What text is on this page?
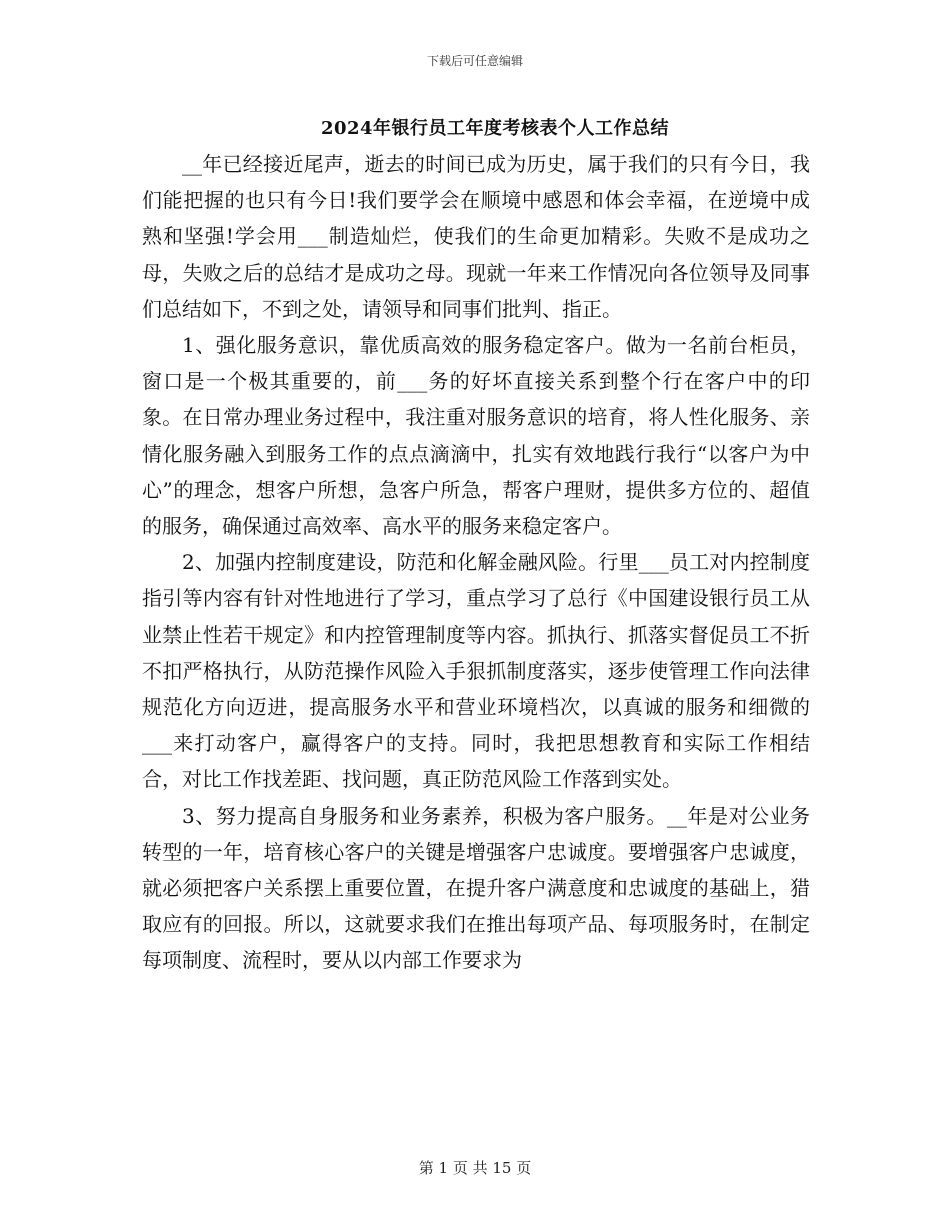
下载后可任意编辑
2024年银行员工年度考核表个人工作总结

__年已经接近尾声，逝去的时间已成为历史，属于我们的只有今日，我们能把握的也只有今日!我们要学会在顺境中感恩和体会幸福，在逆境中成熟和坚强!学会用___制造灿烂，使我们的生命更加精彩。失败不是成功之母，失败之后的总结才是成功之母。现就一年来工作情况向各位领导及同事们总结如下，不到之处，请领导和同事们批判、指正。

1、强化服务意识，靠优质高效的服务稳定客户。做为一名前台柜员，窗口是一个极其重要的，前___务的好坏直接关系到整个行在客户中的印象。在日常办理业务过程中，我注重对服务意识的培育，将人性化服务、亲情化服务融入到服务工作的点点滴滴中，扎实有效地践行我行“以客户为中心”的理念，想客户所想，急客户所急，帮客户理财，提供多方位的、超值的服务，确保通过高效率、高水平的服务来稳定客户。

2、加强内控制度建设，防范和化解金融风险。行里___员工对内控制度指引等内容有针对性地进行了学习，重点学习了总行《中国建设银行员工从业禁止性若干规定》和内控管理制度等内容。抓执行、抓落实督促员工不折不扣严格执行，从防范操作风险入手狠抓制度落实，逐步使管理工作向法律规范化方向迈进，提高服务水平和营业环境档次，以真诚的服务和细微的___来打动客户，赢得客户的支持。同时，我把思想教育和实际工作相结合，对比工作找差距、找问题，真正防范风险工作落到实处。

3、努力提高自身服务和业务素养，积极为客户服务。__年是对公业务转型的一年，培育核心客户的关键是增强客户忠诚度。要增强客户忠诚度，就必须把客户关系摆上重要位置，在提升客户满意度和忠诚度的基础上，猎取应有的回报。所以，这就要求我们在推出每项产品、每项服务时，在制定每项制度、流程时，要从以内部工作要求为

第 1 页 共 15 页
